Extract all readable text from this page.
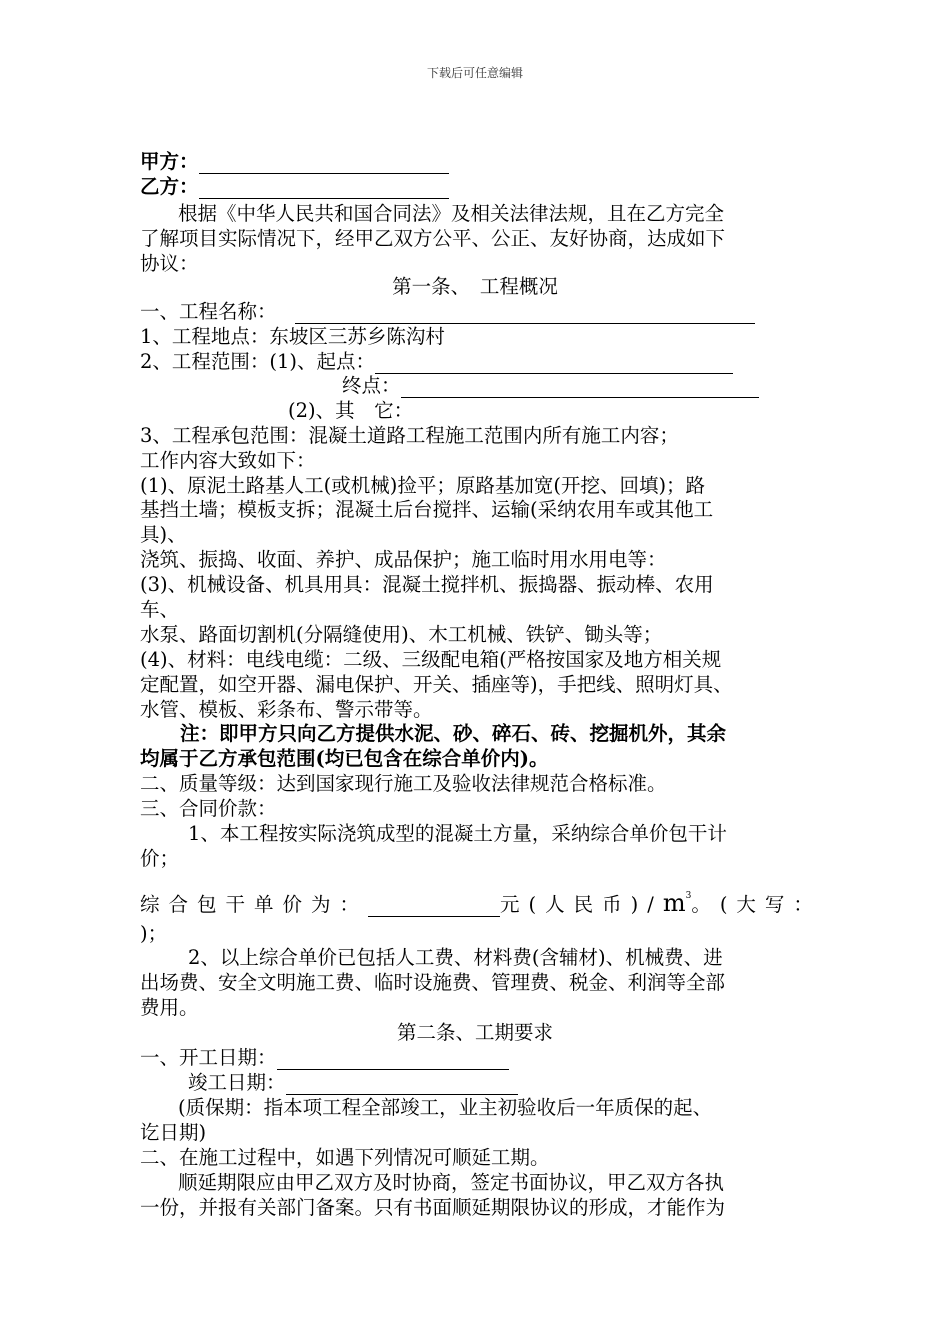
下载后可任意编辑
甲方：
乙方：
根据《中华人民共和国合同法》及相关法律法规，且在乙方完全
了解项目实际情况下，经甲乙双方公平、公正、友好协商，达成如下
协议：
第一条、　工程概况
一、工程名称：
1、工程地点：东坡区三苏乡陈沟村
2、工程范围：(1)、起点：
终点：
(2)、其　它：
3、工程承包范围：混凝土道路工程施工范围内所有施工内容；
工作内容大致如下：
(1)、原泥土路基人工(或机械)捡平；原路基加宽(开挖、回填)；路
基挡土墙；模板支拆；混凝土后台搅拌、运输(采纳农用车或其他工
具)、
浇筑、振捣、收面、养护、成品保护；施工临时用水用电等：
(3)、机械设备、机具用具：混凝土搅拌机、振捣器、振动棒、农用
车、
水泵、路面切割机(分隔缝使用)、木工机械、铁铲、锄头等；
(4)、材料：电线电缆：二级、三级配电箱(严格按国家及地方相关规
定配置，如空开器、漏电保护、开关、插座等)，手把线、照明灯具、
水管、模板、彩条布、警示带等。
注：即甲方只向乙方提供水泥、砂、碎石、砖、挖掘机外，其余
均属于乙方承包范围(均已包含在综合单价内)。
二、质量等级：达到国家现行施工及验收法律规范合格标准。
三、合同价款：
1、本工程按实际浇筑成型的混凝土方量，采纳综合单价包干计
价；
综合包干单价为：	元(人民币)$/m^3$。(大写：
)；
2、以上综合单价已包括人工费、材料费(含辅材)、机械费、进
出场费、安全文明施工费、临时设施费、管理费、税金、利润等全部
费用。
第二条、工期要求
一、开工日期：
竣工日期：
(质保期：指本项工程全部竣工，业主初验收后一年质保的起、
讫日期)
二、在施工过程中，如遇下列情况可顺延工期。
顺延期限应由甲乙双方及时协商，签定书面协议，甲乙双方各执
一份，并报有关部门备案。只有书面顺延期限协议的形成，才能作为
